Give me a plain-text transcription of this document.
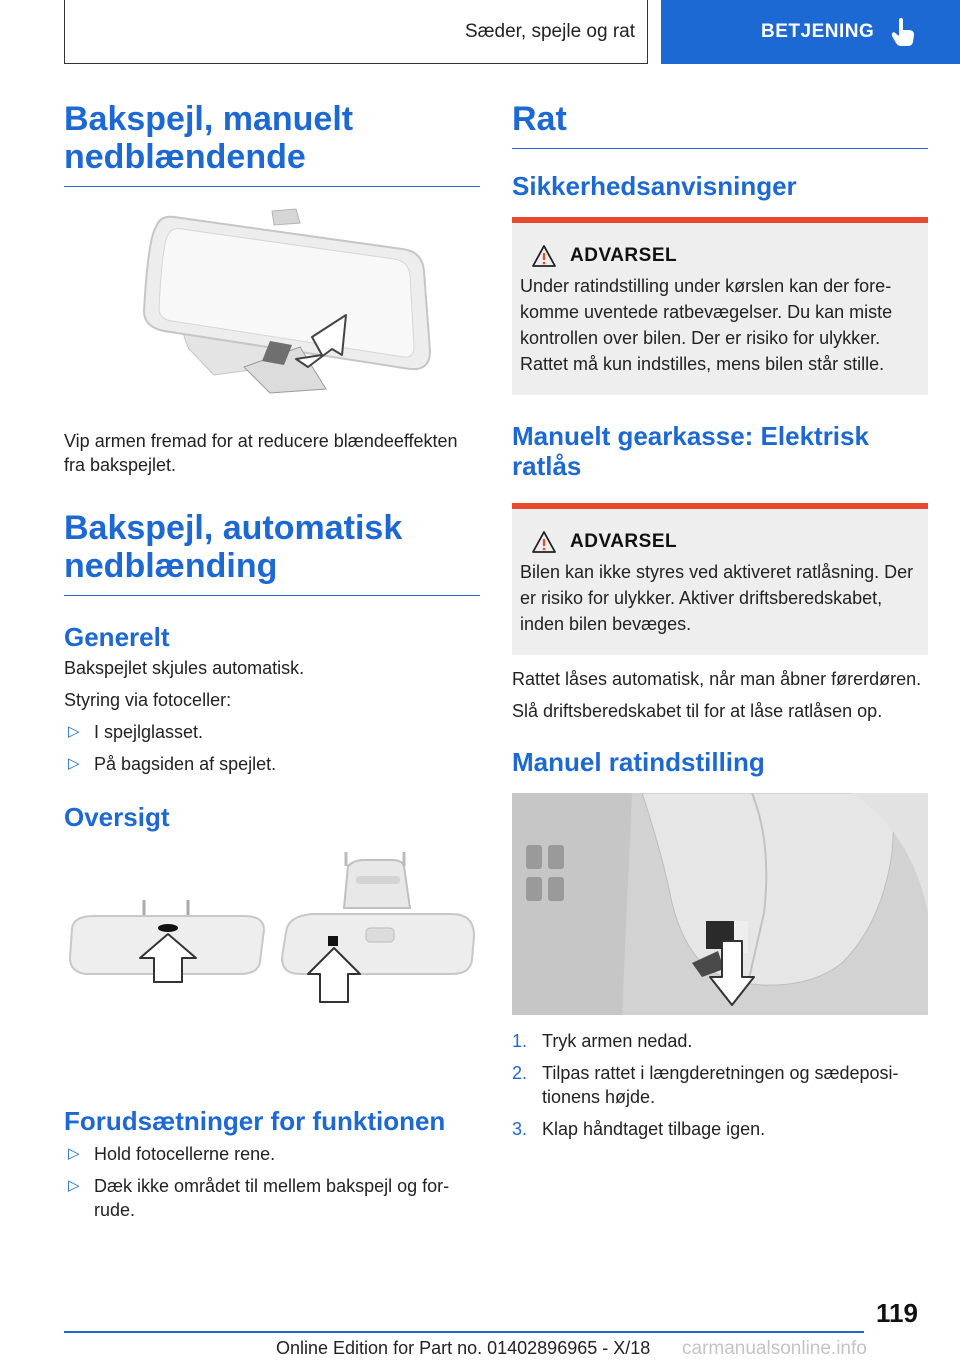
Sæder, spejle og rat	BETJENING
Bakspejl, manuelt nedblændende

Vip armen fremad for at reducere blændeeffekten fra bakspejlet.

Bakspejl, automatisk nedblænding
Generelt

Bakspejlet skjules automatisk.

Styring via fotoceller:

▷ I spejlglasset.
▷ På bagsiden af spejlet.
Oversigt
Forudsætninger for funktionen
▷ Hold fotocellerne rene.
▷ Dæk ikke området til mellem bakspejl og forrude.
Rat
Sikkerhedsanvisninger
ADVARSEL

Under ratindstilling under kørslen kan der forekomme uventede ratbevægelser. Du kan miste kontrollen over bilen. Der er risiko for ulykker. Rattet må kun indstilles, mens bilen står stille.

Manuelt gearkasse: Elektrisk ratlås
ADVARSEL

Bilen kan ikke styres ved aktiveret ratlåsning. Der er risiko for ulykker. Aktiver driftsberedskabet, inden bilen bevæges.

Rattet låses automatisk, når man åbner førerdøren.

Slå driftsberedskabet til for at låse ratlåsen op.

Manuel ratindstilling
1. Tryk armen nedad.
2. Tilpas rattet i længderetningen og sædepositionens højde.
3. Klap håndtaget tilbage igen.
119
Online Edition for Part no. 01402896965 - X/18 carmanualsonline.info
